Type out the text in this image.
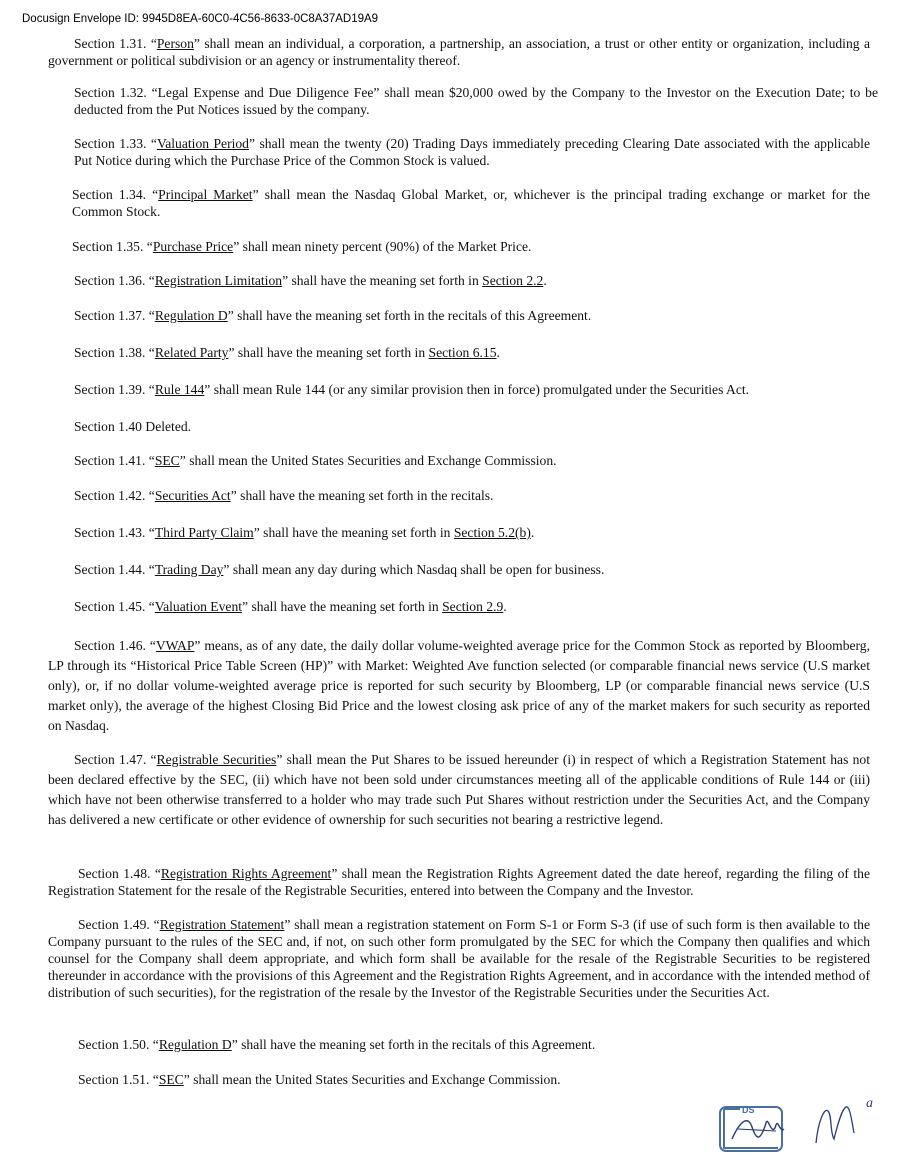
Docusign Envelope ID: 9945D8EA-60C0-4C56-8633-0C8A37AD19A9

Section 1.31. “Person” shall mean an individual, a corporation, a partnership, an association, a trust or other entity or organization, including a government or political subdivision or an agency or instrumentality thereof.

Section 1.32. “Legal Expense and Due Diligence Fee” shall mean $20,000 owed by the Company to the Investor on the Execution Date; to be deducted from the Put Notices issued by the company.

Section 1.33. “Valuation Period” shall mean the twenty (20) Trading Days immediately preceding Clearing Date associated with the applicable Put Notice during which the Purchase Price of the Common Stock is valued.

Section 1.34. “Principal Market” shall mean the Nasdaq Global Market, or, whichever is the principal trading exchange or market for the Common Stock.

Section 1.35. “Purchase Price” shall mean ninety percent (90%) of the Market Price.

Section 1.36. “Registration Limitation” shall have the meaning set forth in Section 2.2.

Section 1.37. “Regulation D” shall have the meaning set forth in the recitals of this Agreement.

Section 1.38. “Related Party” shall have the meaning set forth in Section 6.15.

Section 1.39. “Rule 144” shall mean Rule 144 (or any similar provision then in force) promulgated under the Securities Act.

Section 1.40 Deleted.

Section 1.41. “SEC” shall mean the United States Securities and Exchange Commission.

Section 1.42. “Securities Act” shall have the meaning set forth in the recitals.

Section 1.43. “Third Party Claim” shall have the meaning set forth in Section 5.2(b).

Section 1.44. “Trading Day” shall mean any day during which Nasdaq shall be open for business.

Section 1.45. “Valuation Event” shall have the meaning set forth in Section 2.9.

Section 1.46. “VWAP” means, as of any date, the daily dollar volume-weighted average price for the Common Stock as reported by Bloomberg, LP through its “Historical Price Table Screen (HP)” with Market: Weighted Ave function selected (or comparable financial news service (U.S market only), or, if no dollar volume-weighted average price is reported for such security by Bloomberg, LP (or comparable financial news service (U.S market only), the average of the highest Closing Bid Price and the lowest closing ask price of any of the market makers for such security as reported on Nasdaq.

Section 1.47. “Registrable Securities” shall mean the Put Shares to be issued hereunder (i) in respect of which a Registration Statement has not been declared effective by the SEC, (ii) which have not been sold under circumstances meeting all of the applicable conditions of Rule 144 or (iii) which have not been otherwise transferred to a holder who may trade such Put Shares without restriction under the Securities Act, and the Company has delivered a new certificate or other evidence of ownership for such securities not bearing a restrictive legend.

Section 1.48. “Registration Rights Agreement” shall mean the Registration Rights Agreement dated the date hereof, regarding the filing of the Registration Statement for the resale of the Registrable Securities, entered into between the Company and the Investor.

Section 1.49. “Registration Statement” shall mean a registration statement on Form S-1 or Form S-3 (if use of such form is then available to the Company pursuant to the rules of the SEC and, if not, on such other form promulgated by the SEC for which the Company then qualifies and which counsel for the Company shall deem appropriate, and which form shall be available for the resale of the Registrable Securities to be registered thereunder in accordance with the provisions of this Agreement and the Registration Rights Agreement, and in accordance with the intended method of distribution of such securities), for the registration of the resale by the Investor of the Registrable Securities under the Securities Act.

Section 1.50. “Regulation D” shall have the meaning set forth in the recitals of this Agreement.

Section 1.51. “SEC” shall mean the United States Securities and Exchange Commission.

DS	a
